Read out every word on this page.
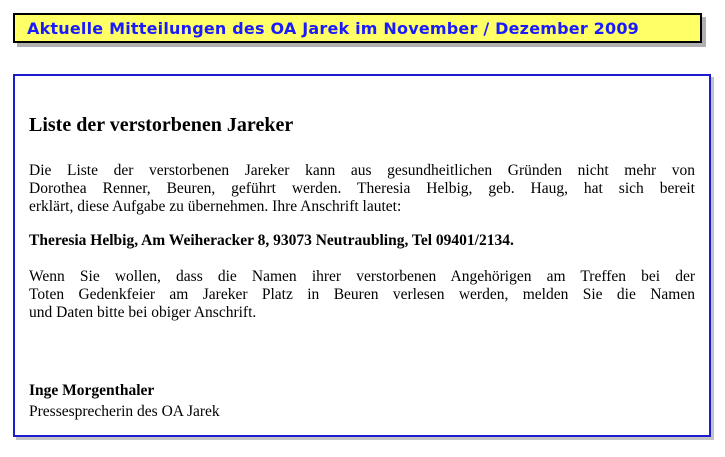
Aktuelle Mitteilungen des OA Jarek im November / Dezember 2009
Liste der verstorbenen Jareker
Die Liste der verstorbenen Jareker kann aus gesundheitlichen Gründen nicht mehr von
Dorothea Renner, Beuren, geführt werden. Theresia Helbig, geb. Haug, hat sich bereit
erklärt, diese Aufgabe zu übernehmen. Ihre Anschrift lautet:
Theresia Helbig, Am Weiheracker 8, 93073 Neutraubling, Tel 09401/2134.
Wenn Sie wollen, dass die Namen ihrer verstorbenen Angehörigen am Treffen bei der
Toten Gedenkfeier am Jareker Platz in Beuren verlesen werden, melden Sie die Namen
und Daten bitte bei obiger Anschrift.
Inge Morgenthaler
Pressesprecherin des OA Jarek
